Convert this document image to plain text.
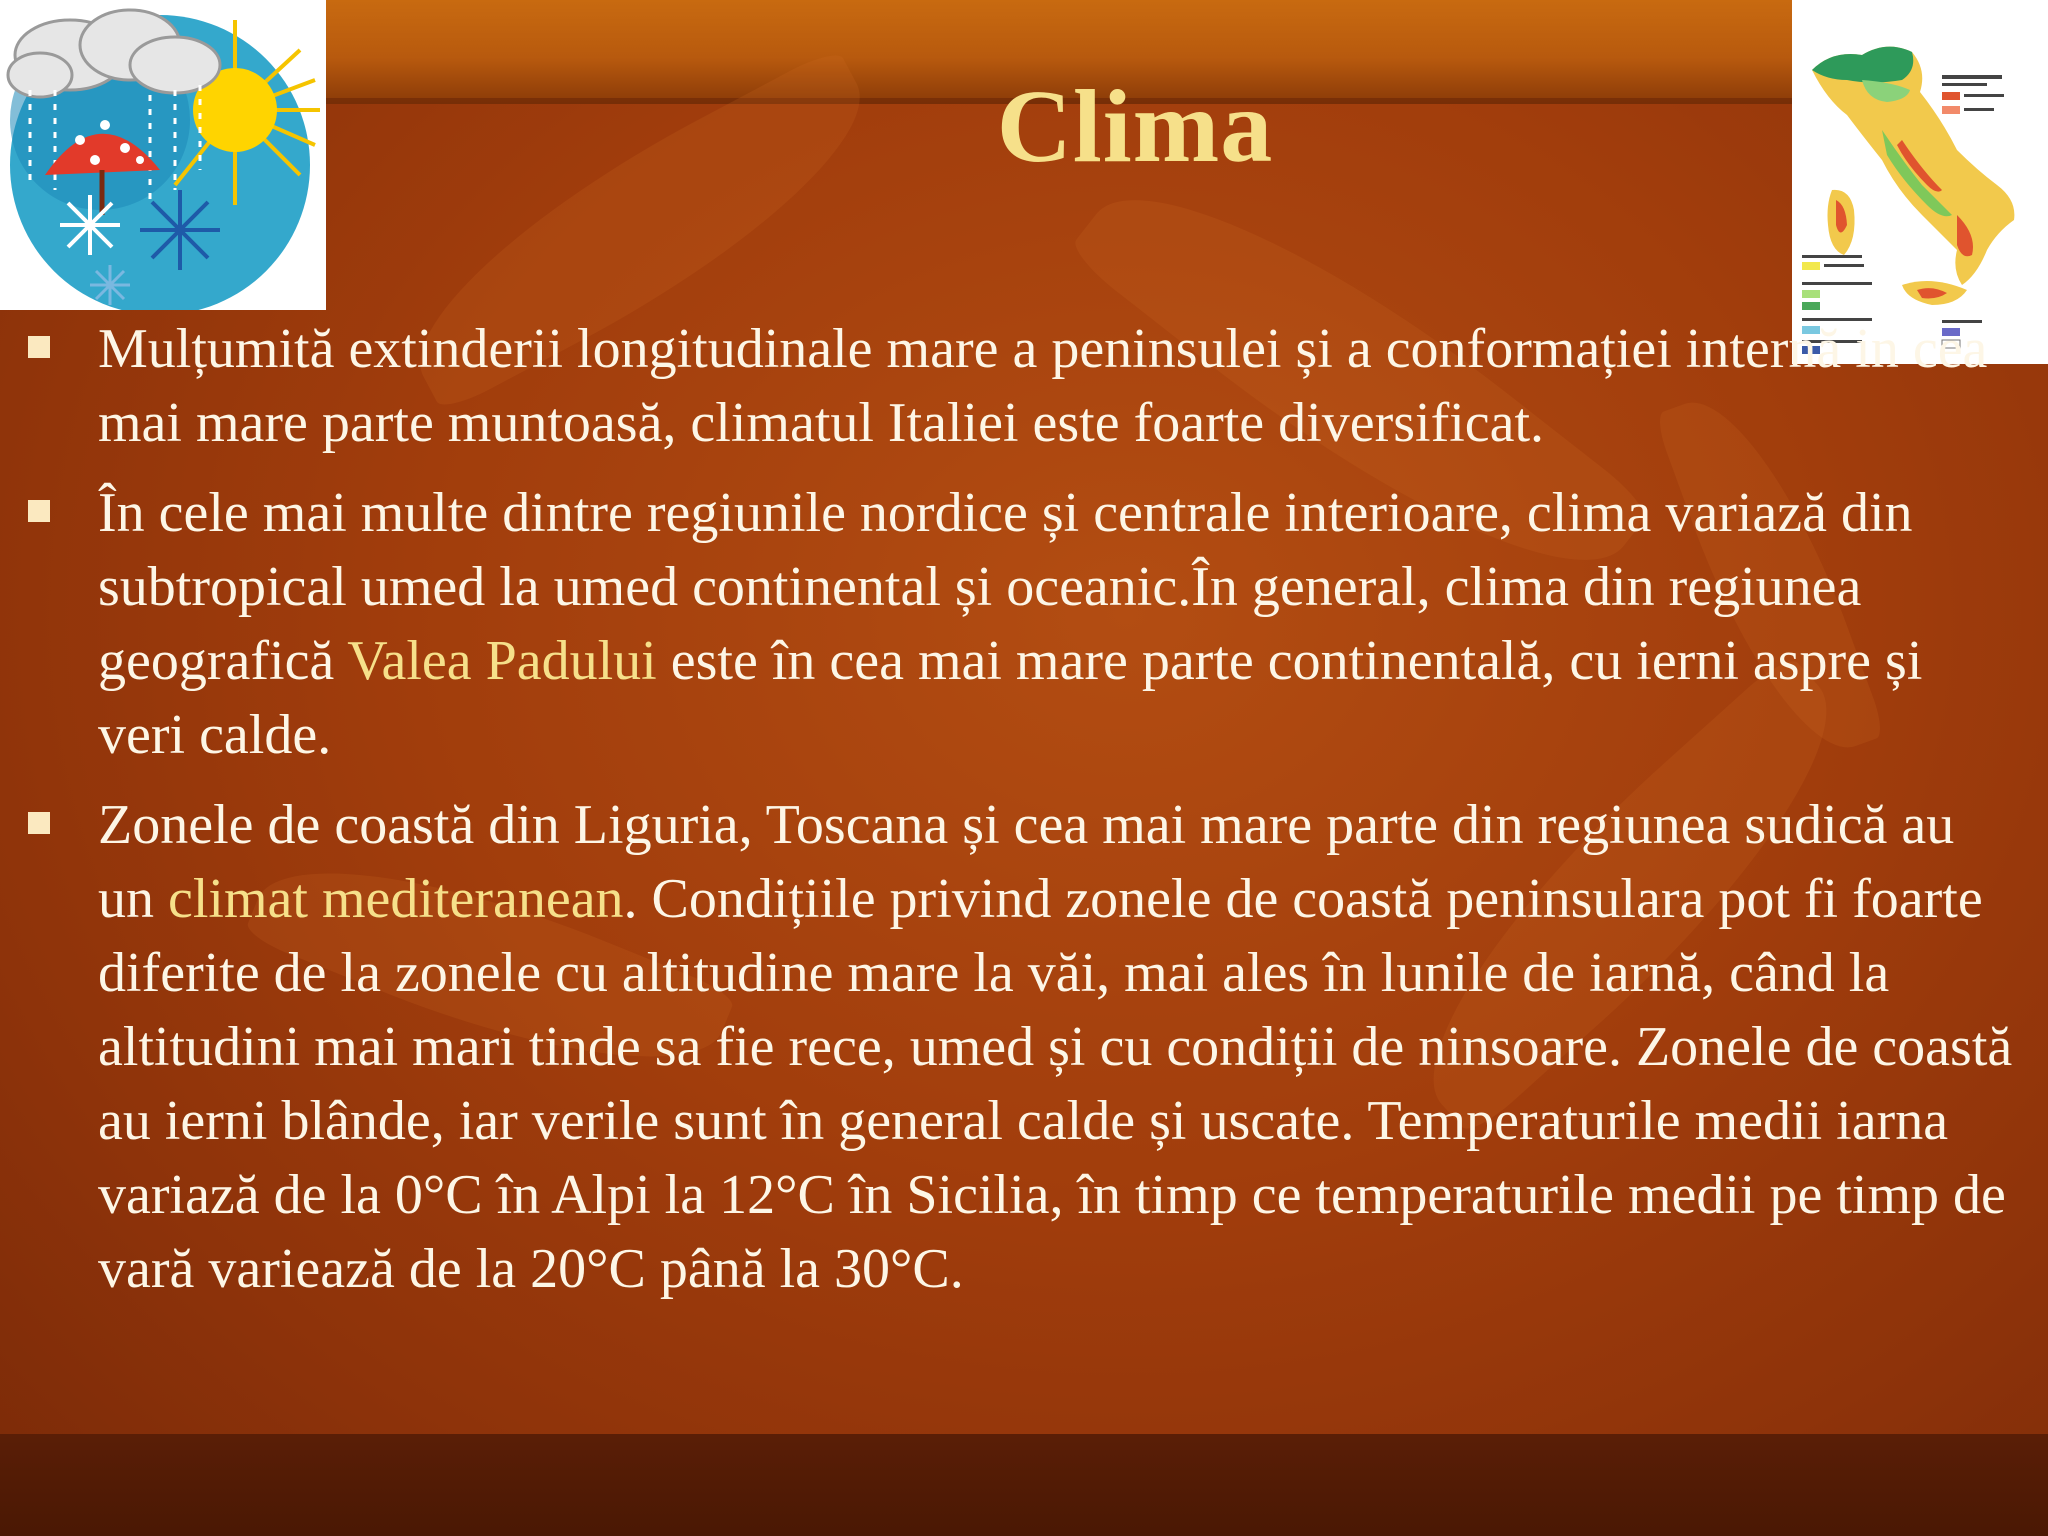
Clima
Mulțumită extinderii longitudinale mare a peninsulei și a conformației internă in cea mai mare parte muntoasă, climatul Italiei este foarte diversificat.
În cele mai multe dintre regiunile nordice și centrale interioare, clima variază din subtropical umed la umed continental și oceanic.În general, clima din regiunea geografică Valea Padului este în cea mai mare parte continentală, cu ierni aspre și veri calde.
Zonele de coastă din Liguria, Toscana și cea mai mare parte din regiunea sudică au un climat mediteranean. Condițiile privind zonele de coastă peninsulara pot fi foarte diferite de la zonele cu altitudine mare la văi, mai ales în lunile de iarnă, când la altitudini mai mari tinde sa fie rece, umed și cu condiții de ninsoare. Zonele de coastă au ierni blânde, iar verile sunt în general calde și uscate. Temperaturile medii iarna variază de la 0°C în Alpi la 12°C în Sicilia, în timp ce temperaturile medii pe timp de vară variează de la 20°C până la 30°C.
